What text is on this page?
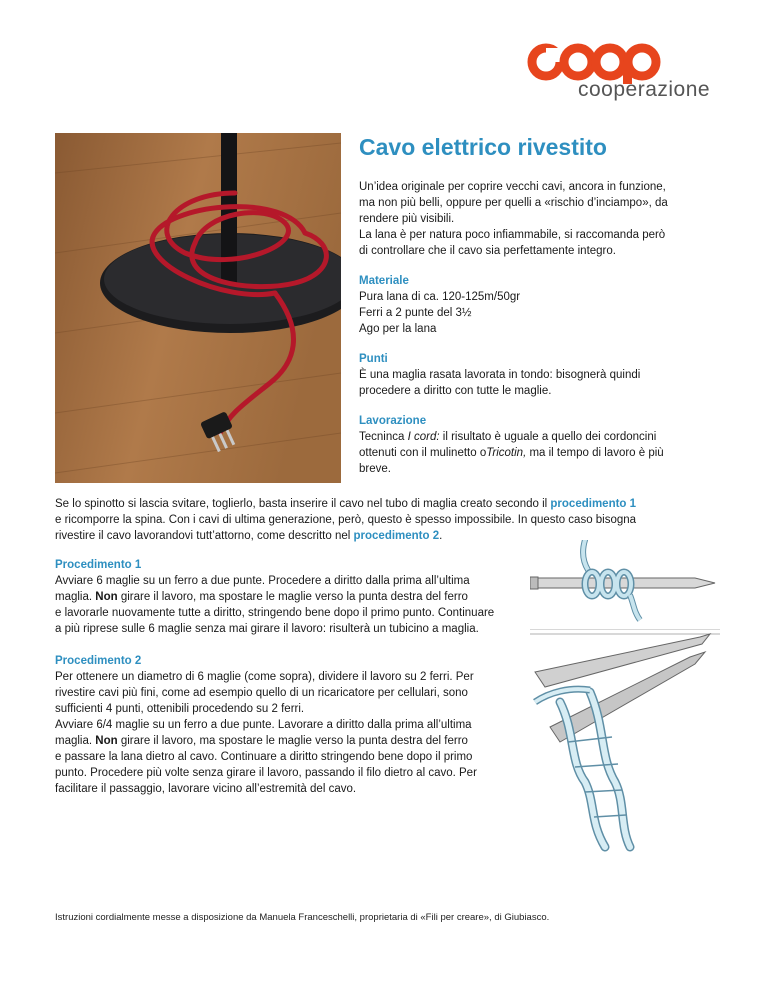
cooperazione
Cavo elettrico rivestito

Un’idea originale per coprire vecchi cavi, ancora in funzione,

ma non più belli, oppure per quelli a «rischio d’inciampo», da

rendere più visibili.

La lana è per natura poco infiammabile, si raccomanda però

di controllare che il cavo sia perfettamente integro.

Materiale

Pura lana di ca. 120-125m/50gr

Ferri a 2 punte del 3½

Ago per la lana

Punti

È una maglia rasata lavorata in tondo: bisognerà quindi

procedere a diritto con tutte le maglie.

Lavorazione

Tecninca I cord: il risultato è uguale a quello dei cordoncini

ottenuti con il mulinetto oTricotin, ma il tempo di lavoro è più

breve.

Se lo spinotto si lascia svitare, toglierlo, basta inserire il cavo nel tubo di maglia creato secondo il procedimento 1
e ricomporre la spina. Con i cavi di ultima generazione, però, questo è spesso impossibile. In questo caso bisogna
rivestire il cavo lavorandovi tutt’attorno, come descritto nel procedimento 2.
Procedimento 1
Avviare 6 maglie su un ferro a due punte. Procedere a diritto dalla prima all’ultima
maglia. Non girare il lavoro, ma spostare le maglie verso la punta destra del ferro
e lavorarle nuovamente tutte a diritto, stringendo bene dopo il primo punto. Continuare
a più riprese sulle 6 maglie senza mai girare il lavoro: risulterà un tubicino a maglia.
Procedimento 2
Per ottenere un diametro di 6 maglie (come sopra), dividere il lavoro su 2 ferri. Per
rivestire cavi più fini, come ad esempio quello di un ricaricatore per cellulari, sono
sufficienti 4 punti, ottenibili procedendo su 2 ferri.
Avviare 6/4 maglie su un ferro a due punte. Lavorare a diritto dalla prima all’ultima
maglia. Non girare il lavoro, ma spostare le maglie verso la punta destra del ferro
e passare la lana dietro al cavo. Continuare a diritto stringendo bene dopo il primo
punto. Procedere più volte senza girare il lavoro, passando il filo dietro al cavo. Per
facilitare il passaggio, lavorare vicino all’estremità del cavo.
Istruzioni cordialmente messe a disposizione da Manuela Franceschelli, proprietaria di «Fili per creare», di Giubiasco.
